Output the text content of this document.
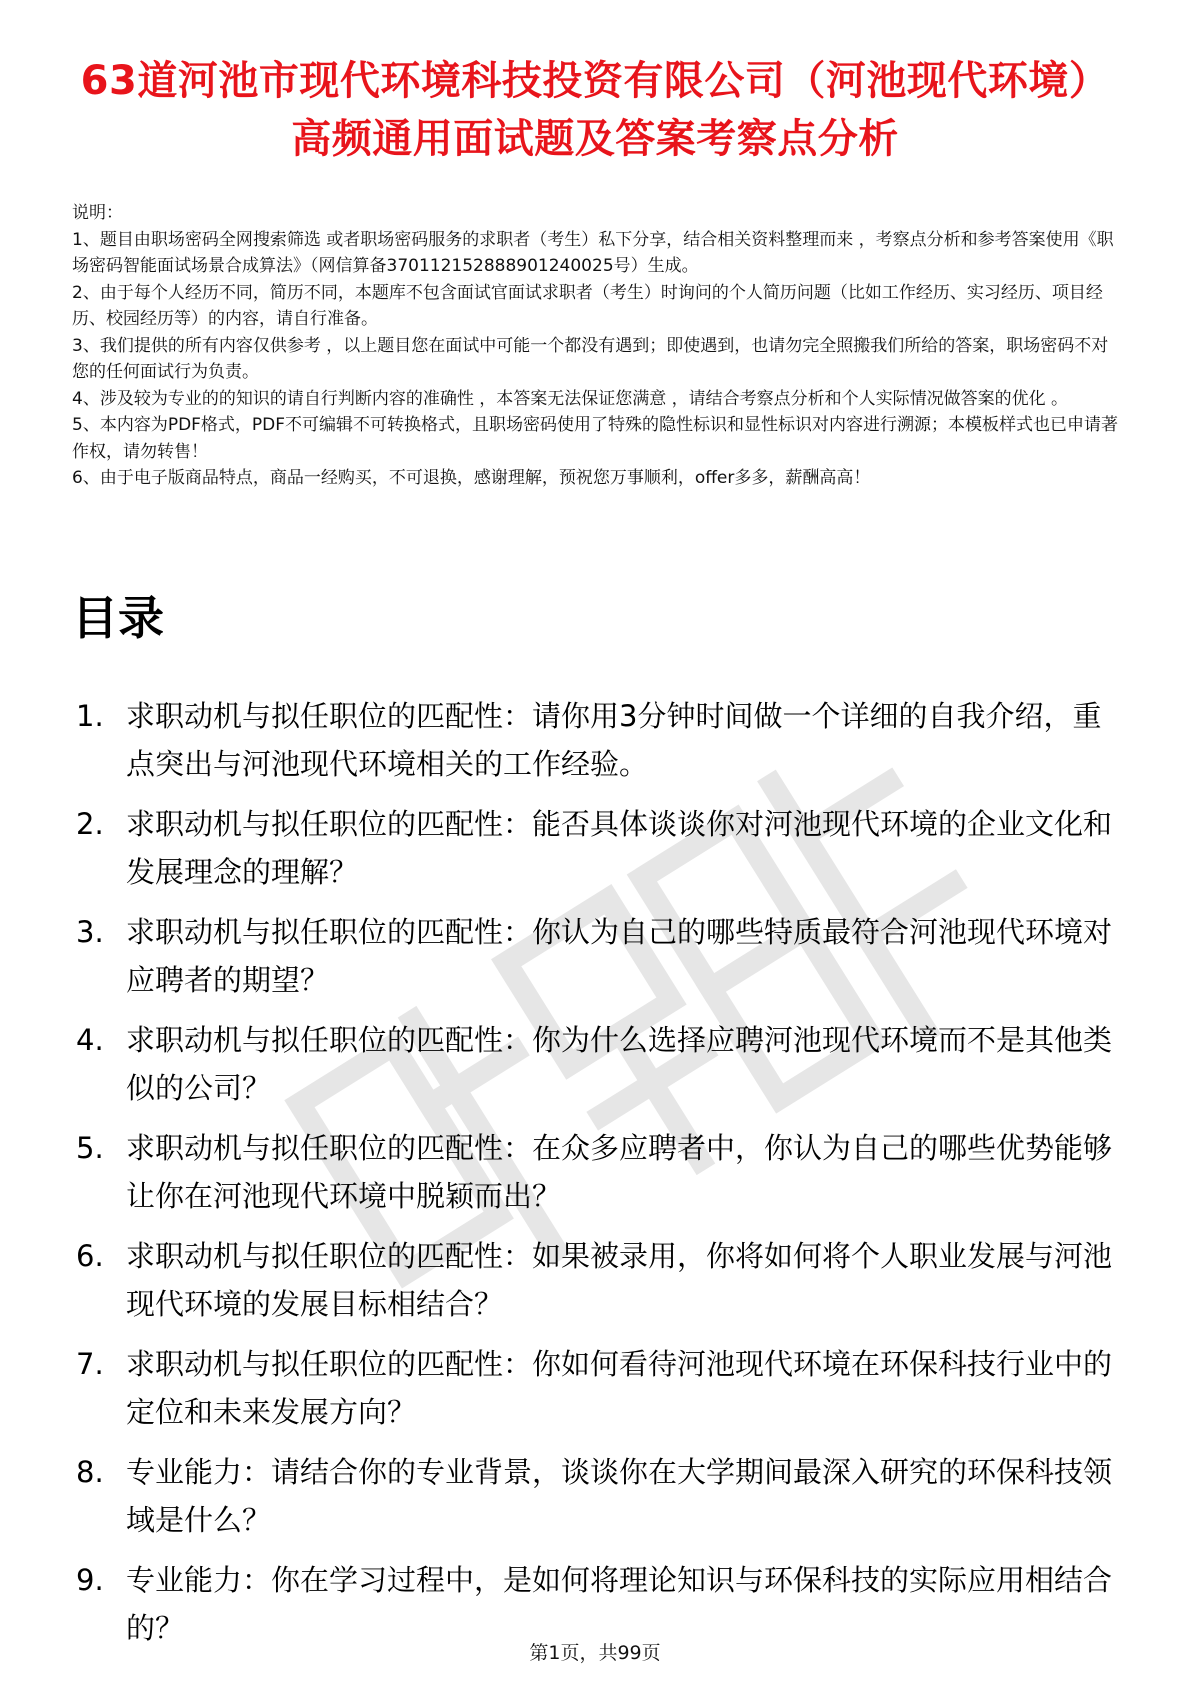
63道河池市现代环境科技投资有限公司（河池现代环境）高频通用面试题及答案考察点分析

说明：

1、题目由职场密码全网搜索筛选 或者职场密码服务的求职者（考生）私下分享，结合相关资料整理而来 ，考察点分析和参考答案使用《职场密码智能面试场景合成算法》（网信算备370112152888901240025号）生成。

2、由于每个人经历不同，简历不同，本题库不包含面试官面试求职者（考生）时询问的个人简历问题（比如工作经历、实习经历、项目经历、校园经历等）的内容，请自行准备。

3、我们提供的所有内容仅供参考 ，以上题目您在面试中可能一个都没有遇到；即使遇到，也请勿完全照搬我们所给的答案，职场密码不对您的任何面试行为负责。

4、涉及较为专业的的知识的请自行判断内容的准确性 ，本答案无法保证您满意 ，请结合考察点分析和个人实际情况做答案的优化 。

5、本内容为PDF格式，PDF不可编辑不可转换格式，且职场密码使用了特殊的隐性标识和显性标识对内容进行溯源；本模板样式也已申请著作权，请勿转售！

6、由于电子版商品特点，商品一经购买，不可退换，感谢理解，预祝您万事顺利，offer多多，薪酬高高！

目录
1. 求职动机与拟任职位的匹配性：请你用3分钟时间做一个详细的自我介绍，重点突出与河池现代环境相关的工作经验。
2. 求职动机与拟任职位的匹配性：能否具体谈谈你对河池现代环境的企业文化和发展理念的理解？
3. 求职动机与拟任职位的匹配性：你认为自己的哪些特质最符合河池现代环境对应聘者的期望？
4. 求职动机与拟任职位的匹配性：你为什么选择应聘河池现代环境而不是其他类似的公司？
5. 求职动机与拟任职位的匹配性：在众多应聘者中，你认为自己的哪些优势能够让你在河池现代环境中脱颖而出？
6. 求职动机与拟任职位的匹配性：如果被录用，你将如何将个人职业发展与河池现代环境的发展目标相结合？
7. 求职动机与拟任职位的匹配性：你如何看待河池现代环境在环保科技行业中的定位和未来发展方向？
8. 专业能力：请结合你的专业背景，谈谈你在大学期间最深入研究的环保科技领域是什么？
9. 专业能力：你在学习过程中，是如何将理论知识与环保科技的实际应用相结合的？
第1页，共99页
